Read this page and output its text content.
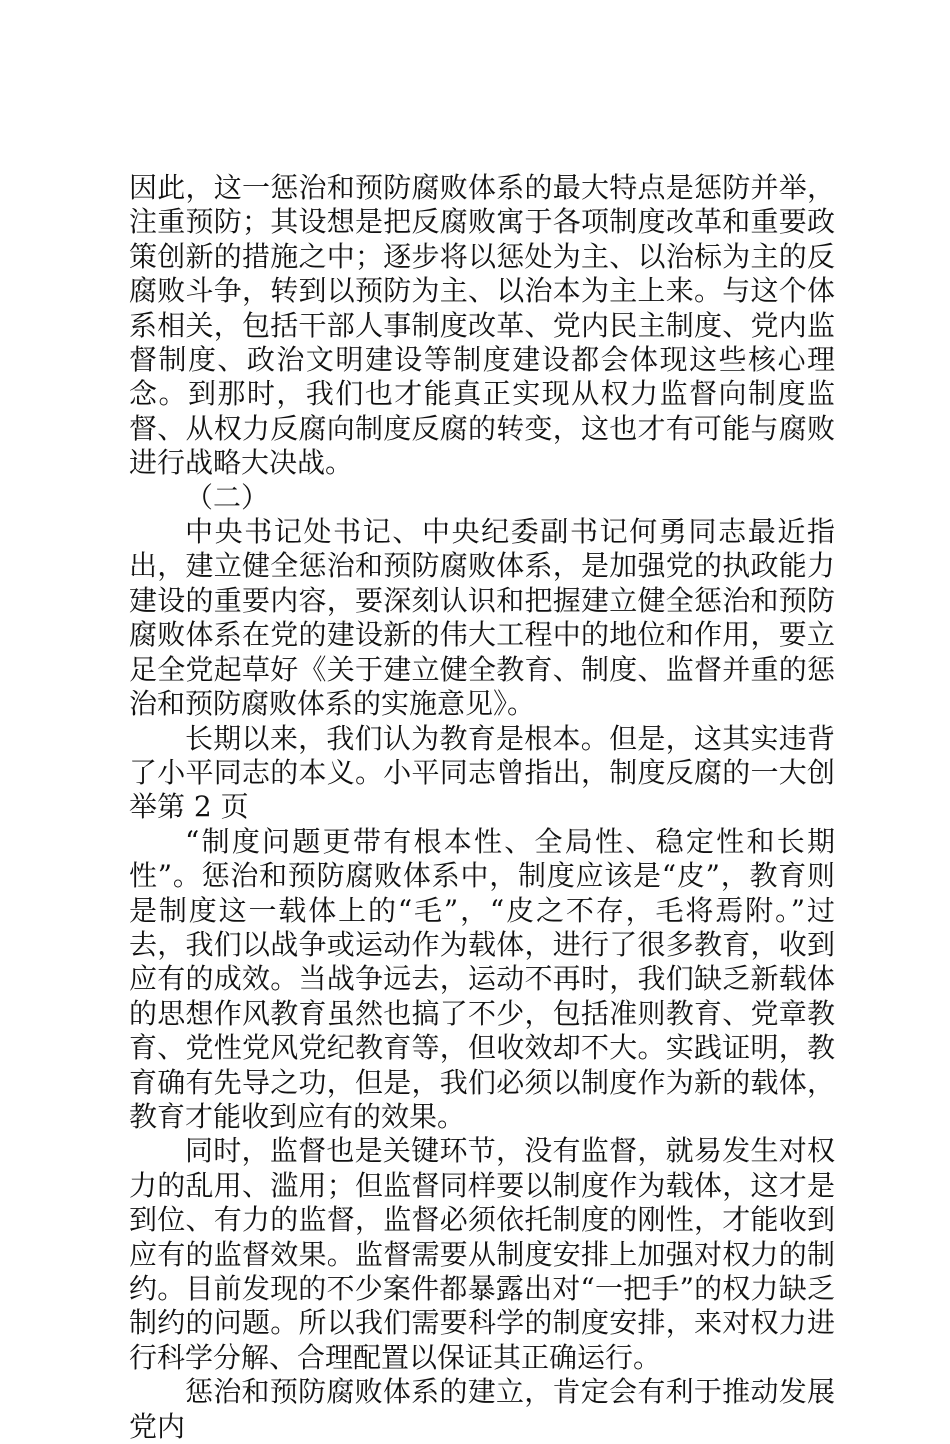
因此，这一惩治和预防腐败体系的最大特点是惩防并举，注重预防；其设想是把反腐败寓于各项制度改革和重要政策创新的措施之中；逐步将以惩处为主、以治标为主的反腐败斗争，转到以预防为主、以治本为主上来。与这个体系相关，包括干部人事制度改革、党内民主制度、党内监督制度、政治文明建设等制度建设都会体现这些核心理念。到那时，我们也才能真正实现从权力监督向制度监督、从权力反腐向制度反腐的转变，这也才有可能与腐败进行战略大决战。

（二）

中央书记处书记、中央纪委副书记何勇同志最近指出，建立健全惩治和预防腐败体系，是加强党的执政能力建设的重要内容，要深刻认识和把握建立健全惩治和预防腐败体系在党的建设新的伟大工程中的地位和作用，要立足全党起草好《关于建立健全教育、制度、监督并重的惩治和预防腐败体系的实施意见》。

长期以来，我们认为教育是根本。但是，这其实违背了小平同志的本义。小平同志曾指出，制度反腐的一大创举第 2 页

“制度问题更带有根本性、全局性、稳定性和长期性”。惩治和预防腐败体系中，制度应该是“皮”，教育则是制度这一载体上的“毛”，“皮之不存，毛将焉附。”过去，我们以战争或运动作为载体，进行了很多教育，收到应有的成效。当战争远去，运动不再时，我们缺乏新载体的思想作风教育虽然也搞了不少，包括准则教育、党章教育、党性党风党纪教育等，但收效却不大。实践证明，教育确有先导之功，但是，我们必须以制度作为新的载体，教育才能收到应有的效果。

同时，监督也是关键环节，没有监督，就易发生对权力的乱用、滥用；但监督同样要以制度作为载体，这才是到位、有力的监督，监督必须依托制度的刚性，才能收到应有的监督效果。监督需要从制度安排上加强对权力的制约。目前发现的不少案件都暴露出对“一把手”的权力缺乏制约的问题。所以我们需要科学的制度安排，来对权力进行科学分解、合理配置以保证其正确运行。

惩治和预防腐败体系的建立，肯定会有利于推动发展党内
